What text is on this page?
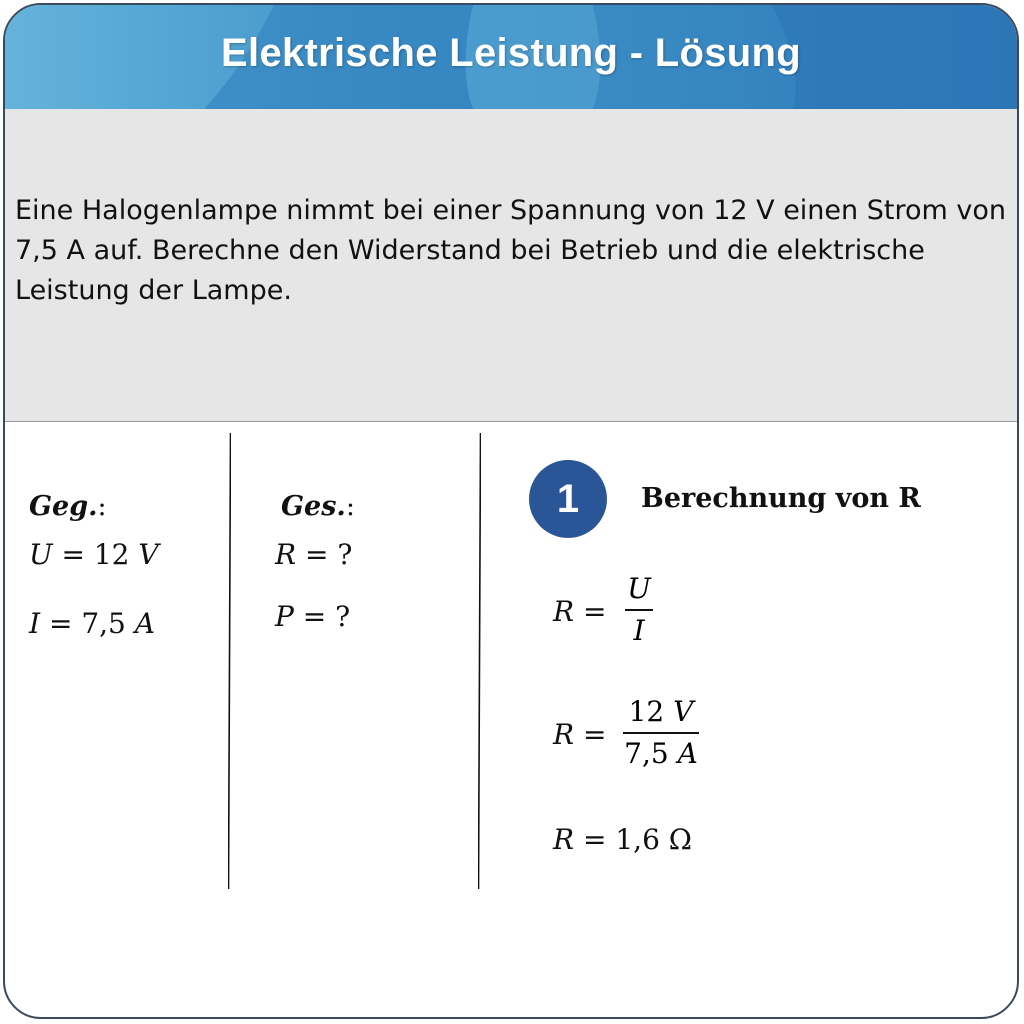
Elektrische Leistung - Lösung

Eine Halogenlampe nimmt bei einer Spannung von 12 V einen Strom von 7,5 A auf. Berechne den Widerstand bei Betrieb und die elektrische Leistung der Lampe.

Geg.:
U = 12 V
I = 7,5 A
Ges.:
R = ?
P = ?
1	Berechnung von R
R =
U
I
R =
12 V
7,5 A
R = 1,6 Ω
